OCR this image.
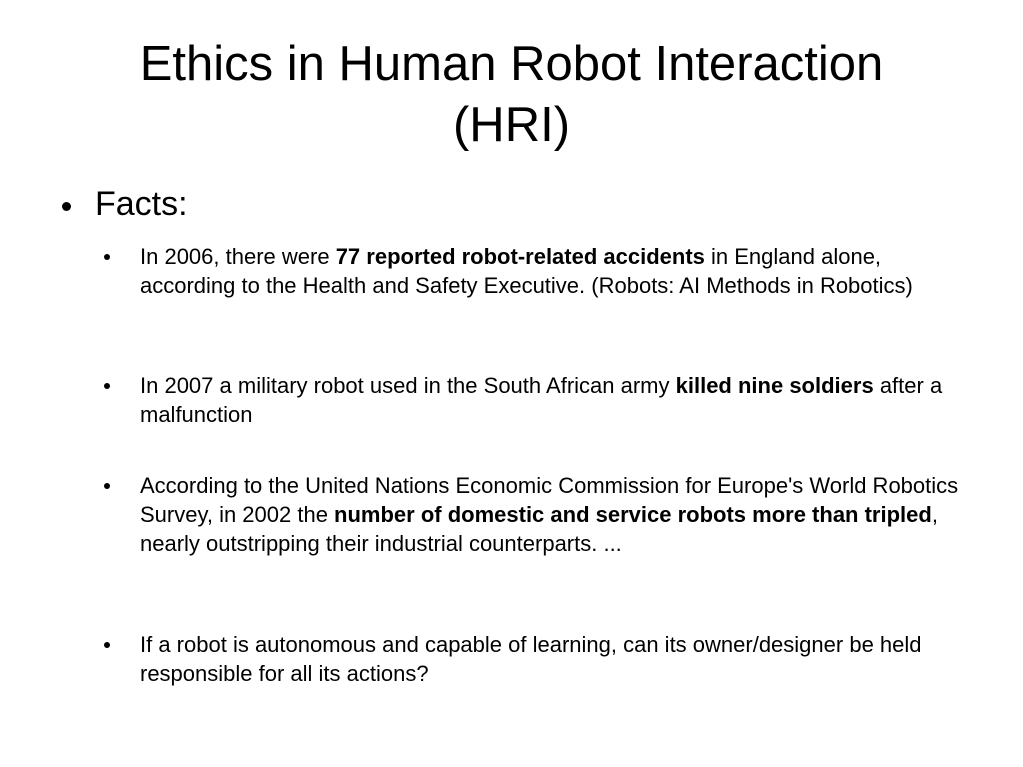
Ethics in Human Robot Interaction
(HRI)
Facts:
In 2006, there were 77 reported robot-related accidents in England alone, according to the Health and Safety Executive. (Robots: AI Methods in Robotics)
In 2007 a military robot used in the South African army killed nine soldiers after a malfunction
According to the United Nations Economic Commission for Europe's World Robotics Survey, in 2002 the number of domestic and service robots more than tripled, nearly outstripping their industrial counterparts. ...
If a robot is autonomous and capable of learning, can its owner/designer be held responsible for all its actions?
